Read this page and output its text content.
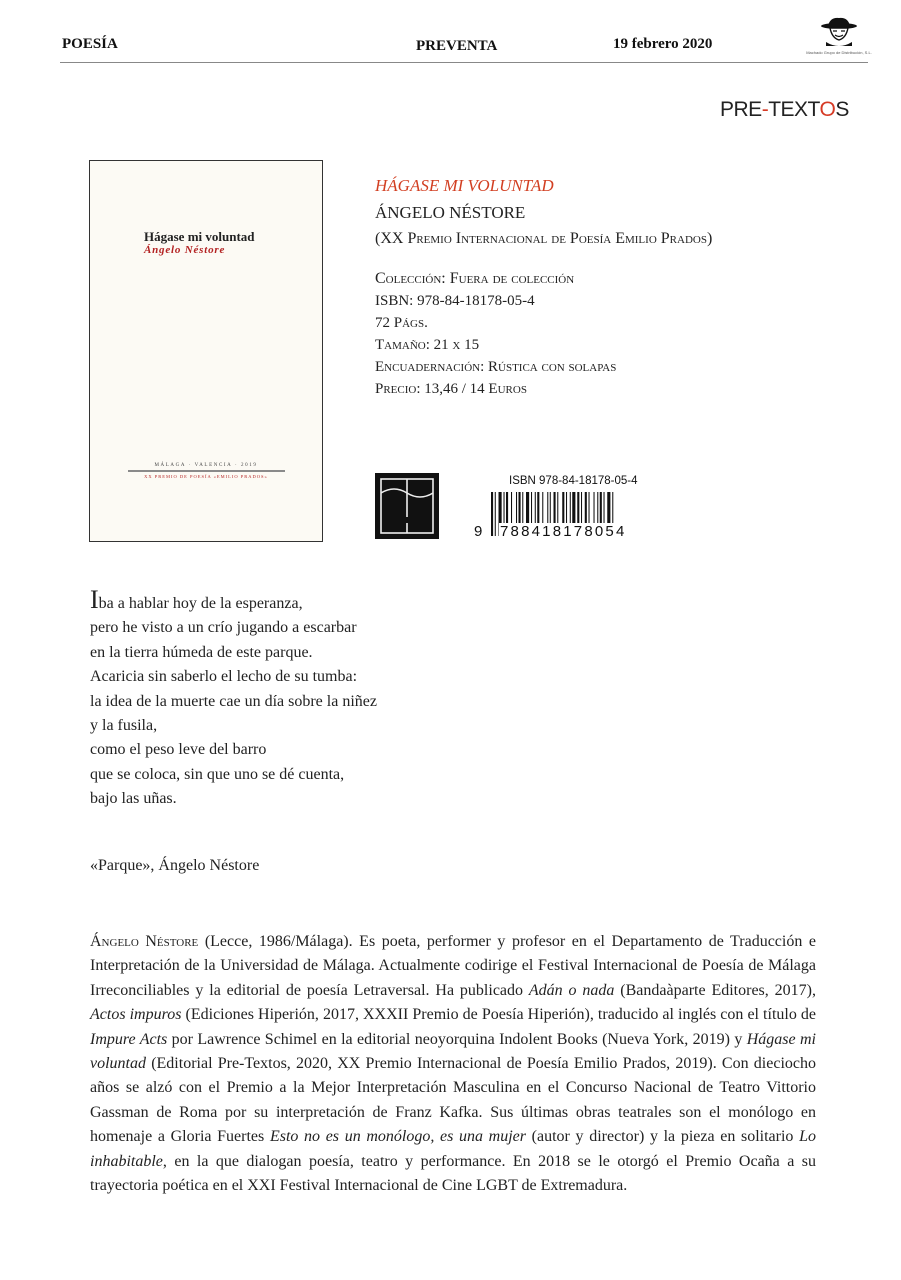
POESÍA	PREVENTA	19 febrero 2020
Machado Grupo de Distribución, S.L.
PRE-TEXTOS
Hágase mi voluntad
Ángelo Néstore
MÁLAGA · VALENCIA · 2019
XX PREMIO DE POESÍA «EMILIO PRADOS»
HÁGASE MI VOLUNTAD
ÁNGELO NÉSTORE
(XX Premio Internacional de Poesía Emilio Prados)
Colección: Fuera de colección
ISBN: 978-84-18178-05-4
72 Págs.
Tamaño: 21 x 15
Encuadernación: Rústica con solapas
Precio: 13,46 / 14 Euros
ISBN 978-84-18178-05-4
9 788418178054
Iba a hablar hoy de la esperanza,
pero he visto a un crío jugando a escarbar
en la tierra húmeda de este parque.
Acaricia sin saberlo el lecho de su tumba:
la idea de la muerte cae un día sobre la niñez
y la fusila,
como el peso leve del barro
que se coloca, sin que uno se dé cuenta,
bajo las uñas.
«Parque», Ángelo Néstore
Ángelo Néstore (Lecce, 1986/Málaga). Es poeta, performer y profesor en el Departamento de Traducción e Interpretación de la Universidad de Málaga. Actualmente codirige el Festival Internacional de Poesía de Málaga Irreconciliables y la editorial de poesía Letraversal. Ha publicado Adán o nada (Bandaàparte Editores, 2017), Actos impuros (Ediciones Hiperión, 2017, XXXII Premio de Poesía Hiperión), traducido al inglés con el título de Impure Acts por Lawrence Schimel en la editorial neoyorquina Indolent Books (Nueva York, 2019) y Hágase mi voluntad (Editorial Pre-Textos, 2020, XX Premio Internacional de Poesía Emilio Prados, 2019). Con dieciocho años se alzó con el Premio a la Mejor Interpretación Masculina en el Concurso Nacional de Teatro Vittorio Gassman de Roma por su interpretación de Franz Kafka. Sus últimas obras teatrales son el monólogo en homenaje a Gloria Fuertes Esto no es un monólogo, es una mujer (autor y director) y la pieza en solitario Lo inhabitable, en la que dialogan poesía, teatro y performance. En 2018 se le otorgó el Premio Ocaña a su trayectoria poética en el XXI Festival Internacional de Cine LGBT de Extremadura.
